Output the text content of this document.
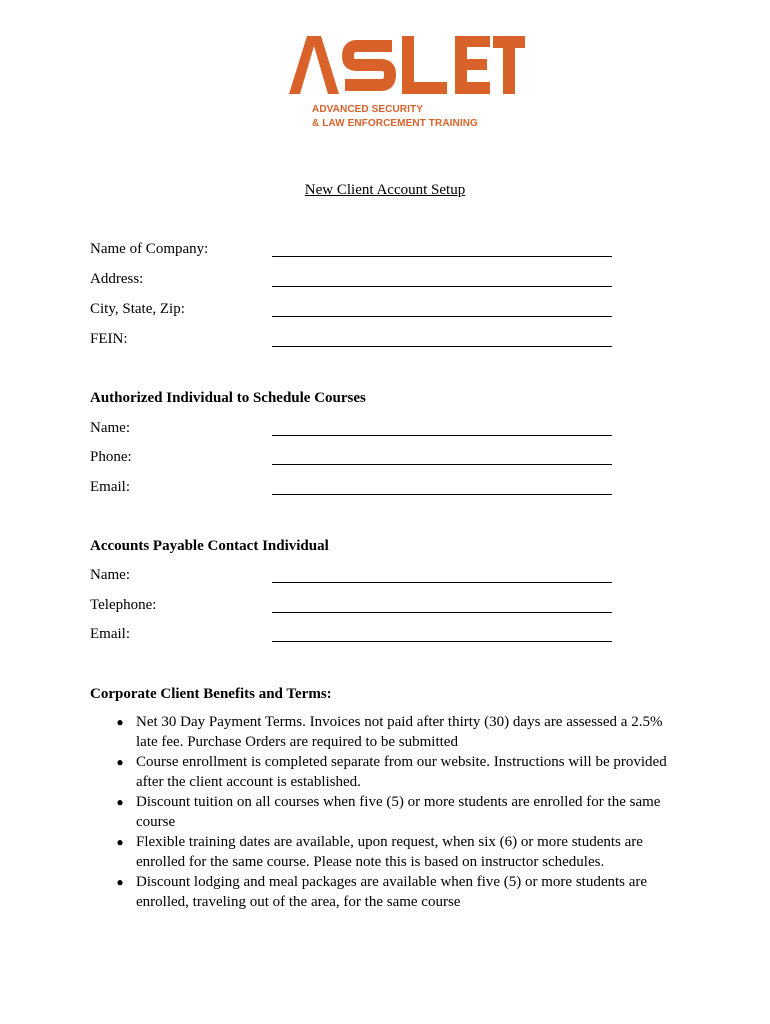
ADVANCED SECURITY
& LAW ENFORCEMENT TRAINING
New Client Account Setup
Name of Company:
Address:
City, State, Zip:
FEIN:
Authorized Individual to Schedule Courses
Name:
Phone:
Email:
Accounts Payable Contact Individual
Name:
Telephone:
Email:
Corporate Client Benefits and Terms:
● Net 30 Day Payment Terms. Invoices not paid after thirty (30) days are assessed a 2.5% late fee. Purchase Orders are required to be submitted
● Course enrollment is completed separate from our website. Instructions will be provided after the client account is established.
● Discount tuition on all courses when five (5) or more students are enrolled for the same course
● Flexible training dates are available, upon request, when six (6) or more students are enrolled for the same course. Please note this is based on instructor schedules.
● Discount lodging and meal packages are available when five (5) or more students are enrolled, traveling out of the area, for the same course
